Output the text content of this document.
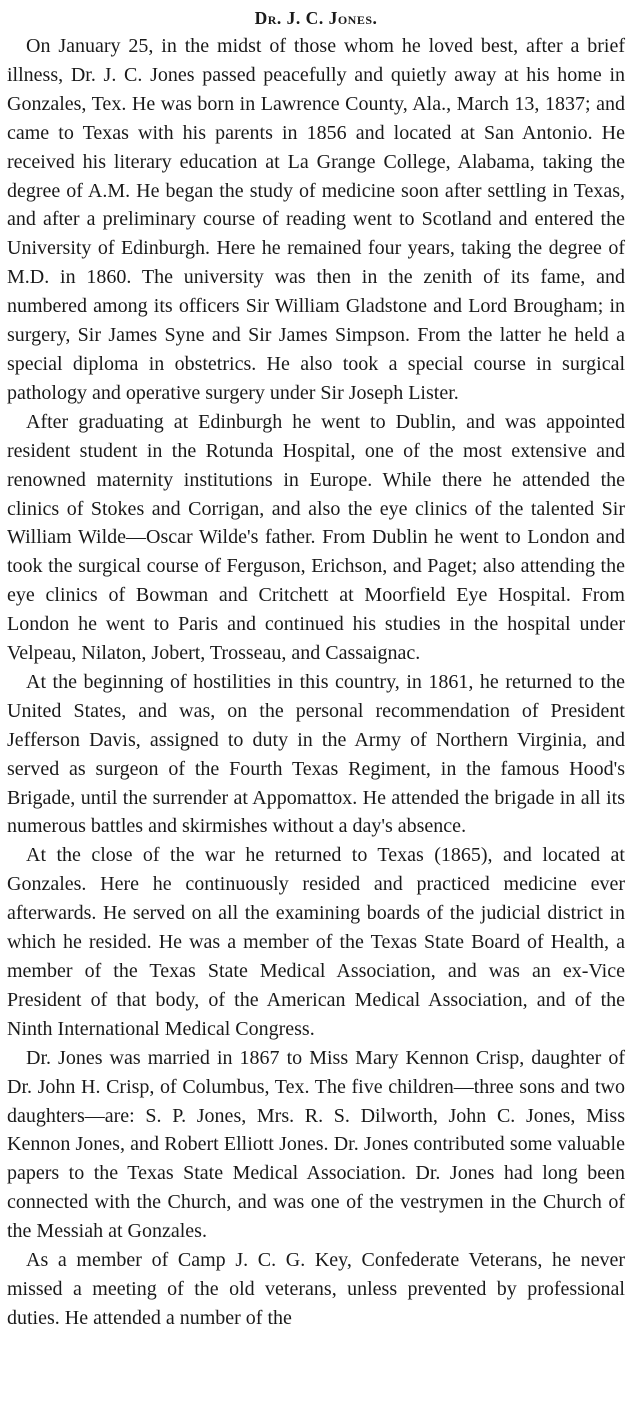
Dr. J. C. Jones.

On January 25, in the midst of those whom he loved best, after a brief illness, Dr. J. C. Jones passed peacefully and quietly away at his home in Gonzales, Tex. He was born in Lawrence County, Ala., March 13, 1837; and came to Texas with his parents in 1856 and located at San Antonio. He received his literary education at La Grange College, Alabama, taking the degree of A.M. He began the study of medicine soon after settling in Texas, and after a preliminary course of reading went to Scotland and entered the University of Edinburgh. Here he remained four years, taking the degree of M.D. in 1860. The university was then in the zenith of its fame, and numbered among its officers Sir William Gladstone and Lord Brougham; in surgery, Sir James Syne and Sir James Simpson. From the latter he held a special diploma in obstetrics. He also took a special course in surgical pathology and operative surgery under Sir Joseph Lister.

After graduating at Edinburgh he went to Dublin, and was appointed resident student in the Rotunda Hospital, one of the most extensive and renowned maternity institutions in Europe. While there he attended the clinics of Stokes and Corrigan, and also the eye clinics of the talented Sir William Wilde—Oscar Wilde's father. From Dublin he went to London and took the surgical course of Ferguson, Erichson, and Paget; also attending the eye clinics of Bowman and Critchett at Moorfield Eye Hospital. From London he went to Paris and continued his studies in the hospital under Velpeau, Nilaton, Jobert, Trosseau, and Cassaignac.

At the beginning of hostilities in this country, in 1861, he returned to the United States, and was, on the personal recommendation of President Jefferson Davis, assigned to duty in the Army of Northern Virginia, and served as surgeon of the Fourth Texas Regiment, in the famous Hood's Brigade, until the surrender at Appomattox. He attended the brigade in all its numerous battles and skirmishes without a day's absence.

At the close of the war he returned to Texas (1865), and located at Gonzales. Here he continuously resided and practiced medicine ever afterwards. He served on all the examining boards of the judicial district in which he resided. He was a member of the Texas State Board of Health, a member of the Texas State Medical Association, and was an ex-Vice President of that body, of the American Medical Association, and of the Ninth International Medical Congress.

Dr. Jones was married in 1867 to Miss Mary Kennon Crisp, daughter of Dr. John H. Crisp, of Columbus, Tex. The five children—three sons and two daughters—are: S. P. Jones, Mrs. R. S. Dilworth, John C. Jones, Miss Kennon Jones, and Robert Elliott Jones. Dr. Jones contributed some valuable papers to the Texas State Medical Association. Dr. Jones had long been connected with the Church, and was one of the vestrymen in the Church of the Messiah at Gonzales.

As a member of Camp J. C. G. Key, Confederate Veterans, he never missed a meeting of the old veterans, unless prevented by professional duties. He attended a number of the
